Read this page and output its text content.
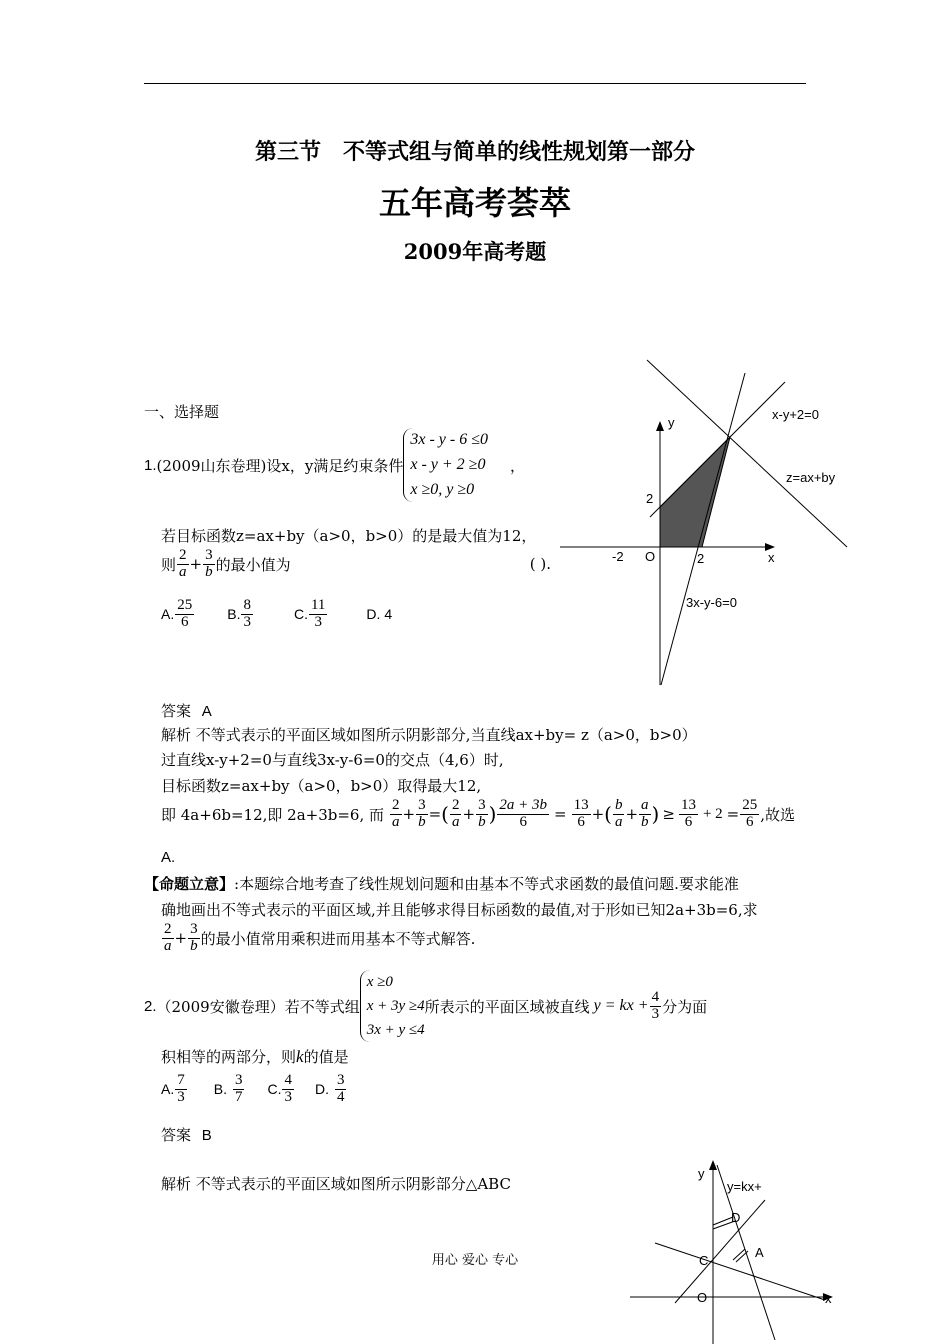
第三节　不等式组与简单的线性规划第一部分
五年高考荟萃
2009年高考题
一、选择题
1. (2009山东卷理) 设x，y满足约束条件
3x - y - 6 ≤0
x - y + 2 ≥0
x ≥0, y ≥0
，
若目标函数z=ax+by（a>0，b>0）的是最大值为12，
则 $\frac{2}{a} + \frac{3}{b}$ 的最小值为	( ).
A. $\frac{25}{6} B$. $\frac{8}{3}$	C. $\frac{11}{3}$	D. 4
y
x
O
-2	2
2
x-y+2=0
z=ax+by
3x-y-6=0
答案 A
解析 不等式表示的平面区域如图所示阴影部分,当直线ax+by= z（a>0，b>0）
过直线x-y+2=0与直线3x-y-6=0的交点（4,6）时,
目标函数z=ax+by（a>0，b>0）取得最大12,
即 4a+6b=12,即 2a+3b=6, 而 $\frac{2}{a} + \frac{3}{b}$ = ( $\frac{2}{a} + \frac{3}{b}$ ) $\frac{2a + 3b}{6} = \frac{13}{6}$ + ( $\frac{b}{a} + \frac{a}{b}$ ) ≥ $\frac{13}{6} + 2 = \frac{25}{6}$ ,故选
A.
【命题立意】:本题综合地考查了线性规划问题和由基本不等式求函数的最值问题.要求能准
确地画出不等式表示的平面区域,并且能够求得目标函数的最值,对于形如已知2a+3b=6,求
$\frac{2}{a} + \frac{3}{b}$ 的最小值常用乘积进而用基本不等式解答.
2. （2009安徽卷理） 若不等式组
x ≥0
x + 3y ≥4
3x + y ≤4
所表示的平面区域被直线 y = kx + $\frac{4}{3}$ 分为面
积相等的两部分，则k的值是
A. $\frac{7}{3} B$. $\frac{3}{7} C$. $\frac{4}{3} D$. $\frac{3}{4}$
答案 B
解析 不等式表示的平面区域如图所示阴影部分△ABC
y
x
O
y=kx+
D
A
C
用心 爱心 专心
